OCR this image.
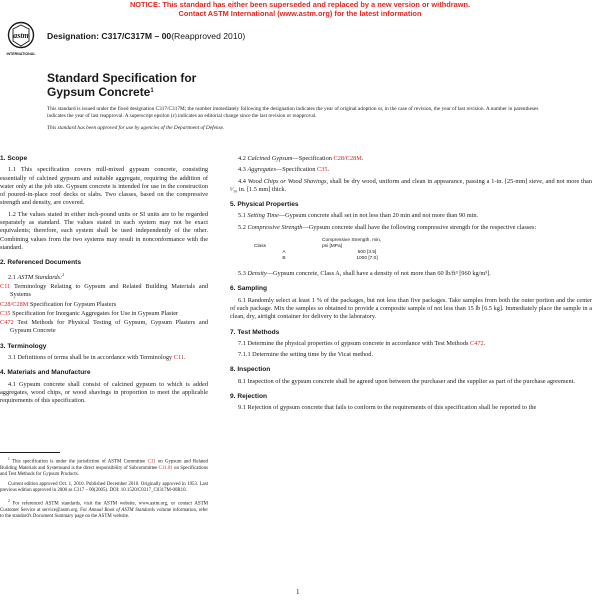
NOTICE: This standard has either been superseded and replaced by a new version or withdrawn.
Contact ASTM International (www.astm.org) for the latest information
astm
INTERNATIONAL
Designation: C317/C317M – 00(Reapproved 2010)
Standard Specification for
Gypsum Concrete$^1$

This standard is issued under the fixed designation C317/C317M; the number immediately following the designation indicates the year of original adoption or, in the case of revision, the year of last revision. A number in parentheses indicates the year of last reapproval. A superscript epsilon (ε) indicates an editorial change since the last revision or reapproval.

This standard has been approved for use by agencies of the Department of Defense.

1. Scope

1.1 This specification covers mill-mixed gypsum concrete, consisting essentially of calcined gypsum and suitable aggregate, requiring the addition of water only at the job site. Gypsum concrete is intended for use in the construction of poured-in-place roof decks or slabs. Two classes, based on the compressive strength and density, are covered.

1.2 The values stated in either inch-pound units or SI units are to be regarded separately as standard. The values stated in each system may not be exact equivalents; therefore, each system shall be used independently of the other. Combining values from the two systems may result in nonconformance with the standard.

2. Referenced Documents

2.1 ASTM Standards:$^2$

C11 Terminology Relating to Gypsum and Related Building Materials and Systems
C28/C28M Specification for Gypsum Plasters
C35 Specification for Inorganic Aggregates for Use in Gypsum Plaster
C472 Test Methods for Physical Testing of Gypsum, Gypsum Plasters and Gypsum Concrete
3. Terminology

3.1 Definitions of terms shall be in accordance with Terminology C11.

4. Materials and Manufacture

4.1 Gypsum concrete shall consist of calcined gypsum to which is added aggregates, wood chips, or wood shavings in proportion to meet the applicable requirements of this specification.

$^1$ This specification is under the jurisdiction of ASTM Committee C11 on Gypsum and Related Building Materials and Systemsand is the direct responsibility of Subcommittee C11.01 on Specifications and Test Methods for Gypsum Products.

Current edition approved Oct. 1, 2010. Published December 2010. Originally approved in 1953. Last previous edition approved in 2000 as C317 – 00(2005). DOI: 10.1520/C0317_C0317M-00R10.

$^2$ For referenced ASTM standards, visit the ASTM website, www.astm.org, or contact ASTM Customer Service at service@astm.org. For Annual Book of ASTM Standards volume information, refer to the standard's Document Summary page on the ASTM website.

4.2 Calcined Gypsum—Specification C28/C28M.

4.3 Aggregates—Specification C35.

4.4 Wood Chips or Wood Shavings, shall be dry wood, uniform and clean in appearance, passing a 1-in. [25-mm] sieve, and not more than ¹⁄₁₆ in. [1.5 mm] thick.

5. Physical Properties

5.1 Setting Time—Gypsum concrete shall set in not less than 20 min and not more than 90 min.

5.2 Compressive Strength—Gypsum concrete shall have the following compressive strength for the respective classes:

Class	Compressive Strength, min,
psi [MPa]

A	500 [3.5]
B	1000 [7.0]

5.3 Density—Gypsum concrete, Class A, shall have a density of not more than 60 lb/ft³ [960 kg/m³].

6. Sampling

6.1 Randomly select at least 1 % of the packages, but not less than five packages. Take samples from both the outer portion and the center of each package. Mix the samples so obtained to provide a composite sample of not less than 15 lb [6.5 kg]. Immediately place the sample in a clean, dry, airtight container for delivery to the laboratory.

7. Test Methods

7.1 Determine the physical properties of gypsum concrete in accordance with Test Methods C472.

7.1.1 Determine the setting time by the Vicat method.

8. Inspection

8.1 Inspection of the gypsum concrete shall be agreed upon between the purchaser and the supplier as part of the purchase agreement.

9. Rejection

9.1 Rejection of gypsum concrete that fails to conform to the requirements of this specification shall be reported to the

1
